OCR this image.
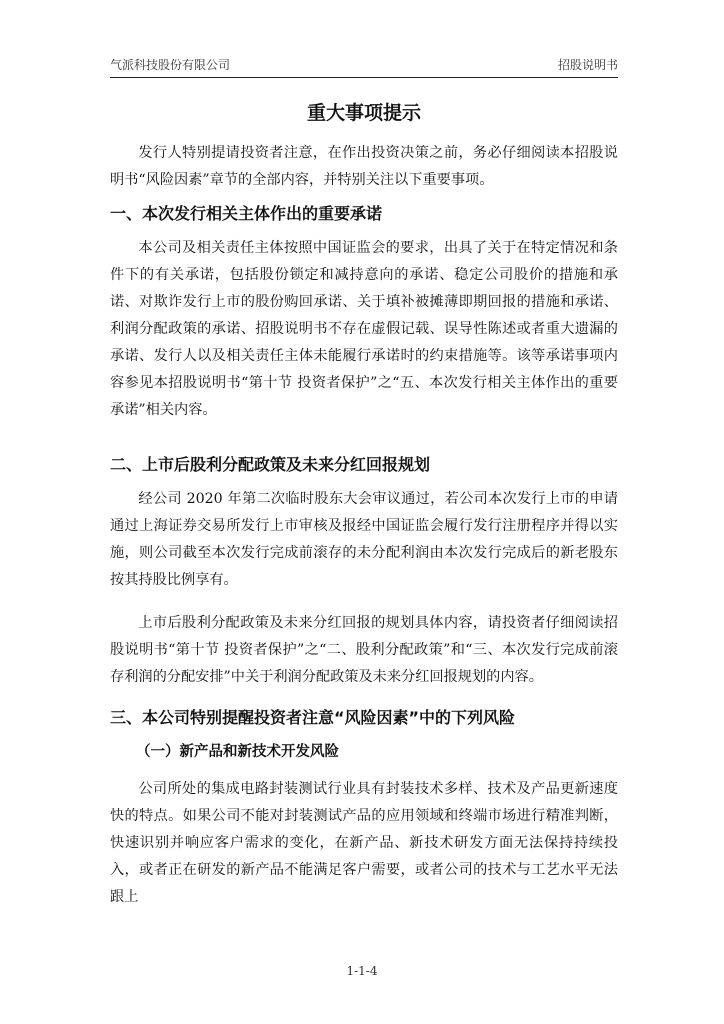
气派科技股份有限公司	招股说明书
重大事项提示

发行人特别提请投资者注意，在作出投资决策之前，务必仔细阅读本招股说明书“风险因素”章节的全部内容，并特别关注以下重要事项。

一、本次发行相关主体作出的重要承诺

本公司及相关责任主体按照中国证监会的要求，出具了关于在特定情况和条件下的有关承诺，包括股份锁定和减持意向的承诺、稳定公司股价的措施和承诺、对欺诈发行上市的股份购回承诺、关于填补被摊薄即期回报的措施和承诺、利润分配政策的承诺、招股说明书不存在虚假记载、误导性陈述或者重大遗漏的承诺、发行人以及相关责任主体未能履行承诺时的约束措施等。该等承诺事项内容参见本招股说明书“第十节 投资者保护”之“五、本次发行相关主体作出的重要承诺”相关内容。

二、上市后股利分配政策及未来分红回报规划

经公司 2020 年第二次临时股东大会审议通过，若公司本次发行上市的申请通过上海证券交易所发行上市审核及报经中国证监会履行发行注册程序并得以实施，则公司截至本次发行完成前滚存的未分配利润由本次发行完成后的新老股东按其持股比例享有。

上市后股利分配政策及未来分红回报的规划具体内容，请投资者仔细阅读招股说明书“第十节 投资者保护”之“二、股利分配政策”和“三、本次发行完成前滚存利润的分配安排”中关于利润分配政策及未来分红回报规划的内容。

三、本公司特别提醒投资者注意“风险因素”中的下列风险
（一）新产品和新技术开发风险

公司所处的集成电路封装测试行业具有封装技术多样、技术及产品更新速度快的特点。如果公司不能对封装测试产品的应用领域和终端市场进行精准判断，快速识别并响应客户需求的变化，在新产品、新技术研发方面无法保持持续投入，或者正在研发的新产品不能满足客户需要，或者公司的技术与工艺水平无法跟上

1-1-4
